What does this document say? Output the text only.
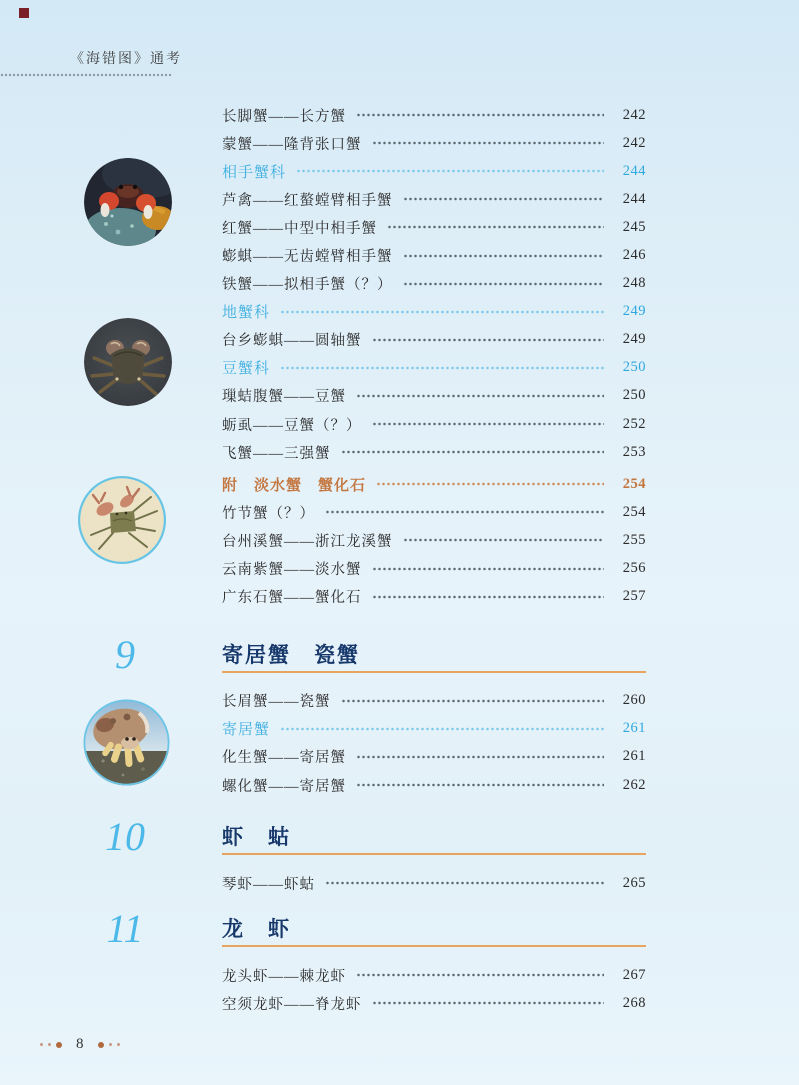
《海错图》通考
长脚蟹——长方蟹	242
蒙蟹——隆背张口蟹	242
相手蟹科	244
芦禽——红螯螳臂相手蟹	244
红蟹——中型中相手蟹	245
蟛蜞——无齿螳臂相手蟹	246
铁蟹——拟相手蟹（？）	248
地蟹科	249
台乡蟛蜞——圆轴蟹	249
豆蟹科	250
璅蛣腹蟹——豆蟹	250
蛎虱——豆蟹（？）	252
飞蟹——三强蟹	253
附　淡水蟹　蟹化石	254
竹节蟹（？）	254
台州溪蟹——浙江龙溪蟹	255
云南紫蟹——淡水蟹	256
广东石蟹——蟹化石	257
9	寄居蟹　瓷蟹
长眉蟹——瓷蟹	260
寄居蟹	261
化生蟹——寄居蟹	261
螺化蟹——寄居蟹	262
10	虾　蛄
琴虾——虾蛄	265
11	龙　虾
龙头虾——棘龙虾	267
空须龙虾——脊龙虾	268
8
